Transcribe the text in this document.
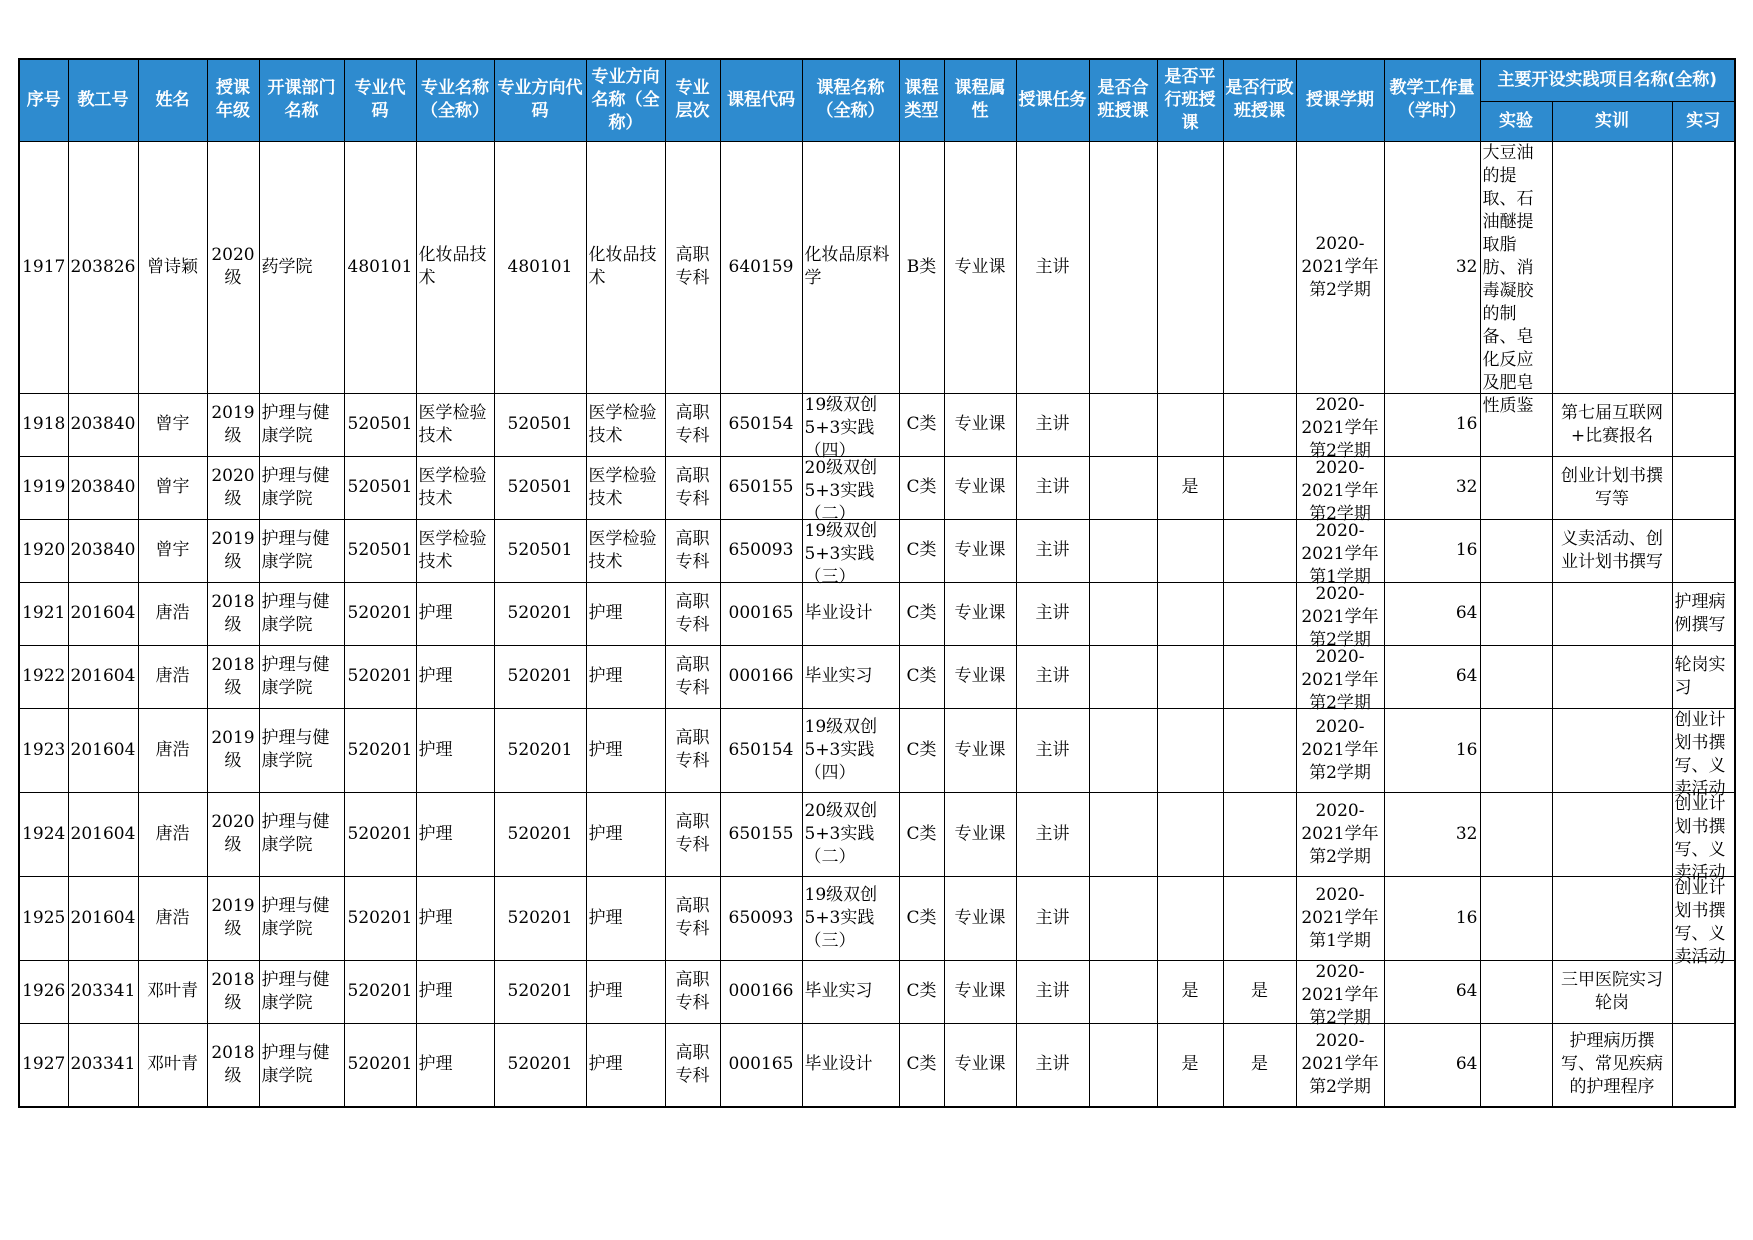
序号	教工号	姓名	授课年级	开课部门名称	专业代码	专业名称（全称）	专业方向代码	专业方向名称（全称）	专业层次	课程代码	课程名称（全称）	课程类型	课程属性	授课任务	是否合班授课	是否平行班授课	是否行政班授课	授课学期	教学工作量（学时）	主要开设实践项目名称(全称)		
																				实验	实训	实习

1917	203826	曾诗颖	2020级	药学院	480101	化妆品技术	480101	化妆品技术	高职专科	640159	化妆品原料学	B类	专业课	主讲				2020-2021学年第2学期	32	大豆油的提取、石油醚提取脂肪、消毒凝胶的制备、皂化反应及肥皂性质鉴		

1918	203840	曾宇	2019级	护理与健康学院	520501	医学检验技术	520501	医学检验技术	高职专科	650154	19级双创5+3实践（四）	C类	专业课	主讲				2020-2021学年第2学期	16		第七届互联网+比赛报名	

1919	203840	曾宇	2020级	护理与健康学院	520501	医学检验技术	520501	医学检验技术	高职专科	650155	20级双创5+3实践（二）	C类	专业课	主讲		是		2020-2021学年第2学期	32		创业计划书撰写等	

1920	203840	曾宇	2019级	护理与健康学院	520501	医学检验技术	520501	医学检验技术	高职专科	650093	19级双创5+3实践（三）	C类	专业课	主讲				2020-2021学年第1学期	16		义卖活动、创业计划书撰写	

1921	201604	唐浩	2018级	护理与健康学院	520201	护理	520201	护理	高职专科	000165	毕业设计	C类	专业课	主讲				2020-2021学年第2学期	64			护理病例撰写

1922	201604	唐浩	2018级	护理与健康学院	520201	护理	520201	护理	高职专科	000166	毕业实习	C类	专业课	主讲				2020-2021学年第2学期	64			轮岗实习

1923	201604	唐浩	2019级	护理与健康学院	520201	护理	520201	护理	高职专科	650154	19级双创5+3实践（四）	C类	专业课	主讲				2020-2021学年第2学期	16			创业计划书撰写、义卖活动

1924	201604	唐浩	2020级	护理与健康学院	520201	护理	520201	护理	高职专科	650155	20级双创5+3实践（二）	C类	专业课	主讲				2020-2021学年第2学期	32			创业计划书撰写、义卖活动

1925	201604	唐浩	2019级	护理与健康学院	520201	护理	520201	护理	高职专科	650093	19级双创5+3实践（三）	C类	专业课	主讲				2020-2021学年第1学期	16			创业计划书撰写、义卖活动

1926	203341	邓叶青	2018级	护理与健康学院	520201	护理	520201	护理	高职专科	000166	毕业实习	C类	专业课	主讲		是	是	2020-2021学年第2学期	64		三甲医院实习轮岗	

1927	203341	邓叶青	2018级	护理与健康学院	520201	护理	520201	护理	高职专科	000165	毕业设计	C类	专业课	主讲		是	是	2020-2021学年第2学期	64		护理病历撰写、常见疾病的护理程序	
